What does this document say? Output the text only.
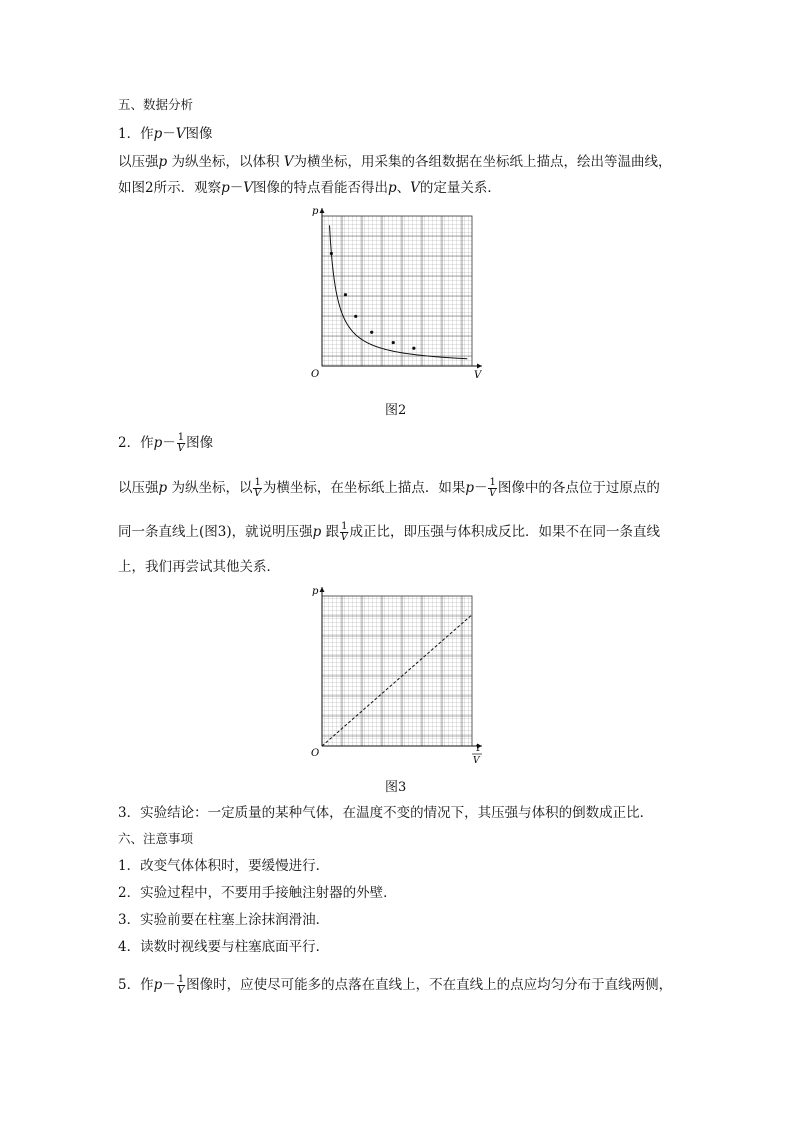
五、数据分析
1．作p－V图像
以压强p 为纵坐标，以体积 V为横坐标，用采集的各组数据在坐标纸上描点，绘出等温曲线，
如图2所示．观察p－V图像的特点看能否得出p、V的定量关系．
p
O	V
图2
2．作$p- \frac{1}{V}$ 图像
以压强p 为纵坐标，以 $\frac{1}{V}$ 为横坐标，在坐标纸上描点．如果$p- \frac{1}{V}$ 图像中的各点位于过原点的
同一条直线上(图3)，就说明压强p 跟 $\frac{1}{V}$ 成正比，即压强与体积成反比．如果不在同一条直线
上，我们再尝试其他关系．
p
O	1
V
图3
3．实验结论：一定质量的某种气体，在温度不变的情况下，其压强与体积的倒数成正比．
六、注意事项
1．改变气体体积时，要缓慢进行．
2．实验过程中，不要用手接触注射器的外壁．
3．实验前要在柱塞上涂抹润滑油．
4．读数时视线要与柱塞底面平行．
5．作$p- \frac{1}{V}$ 图像时，应使尽可能多的点落在直线上，不在直线上的点应均匀分布于直线两侧，
